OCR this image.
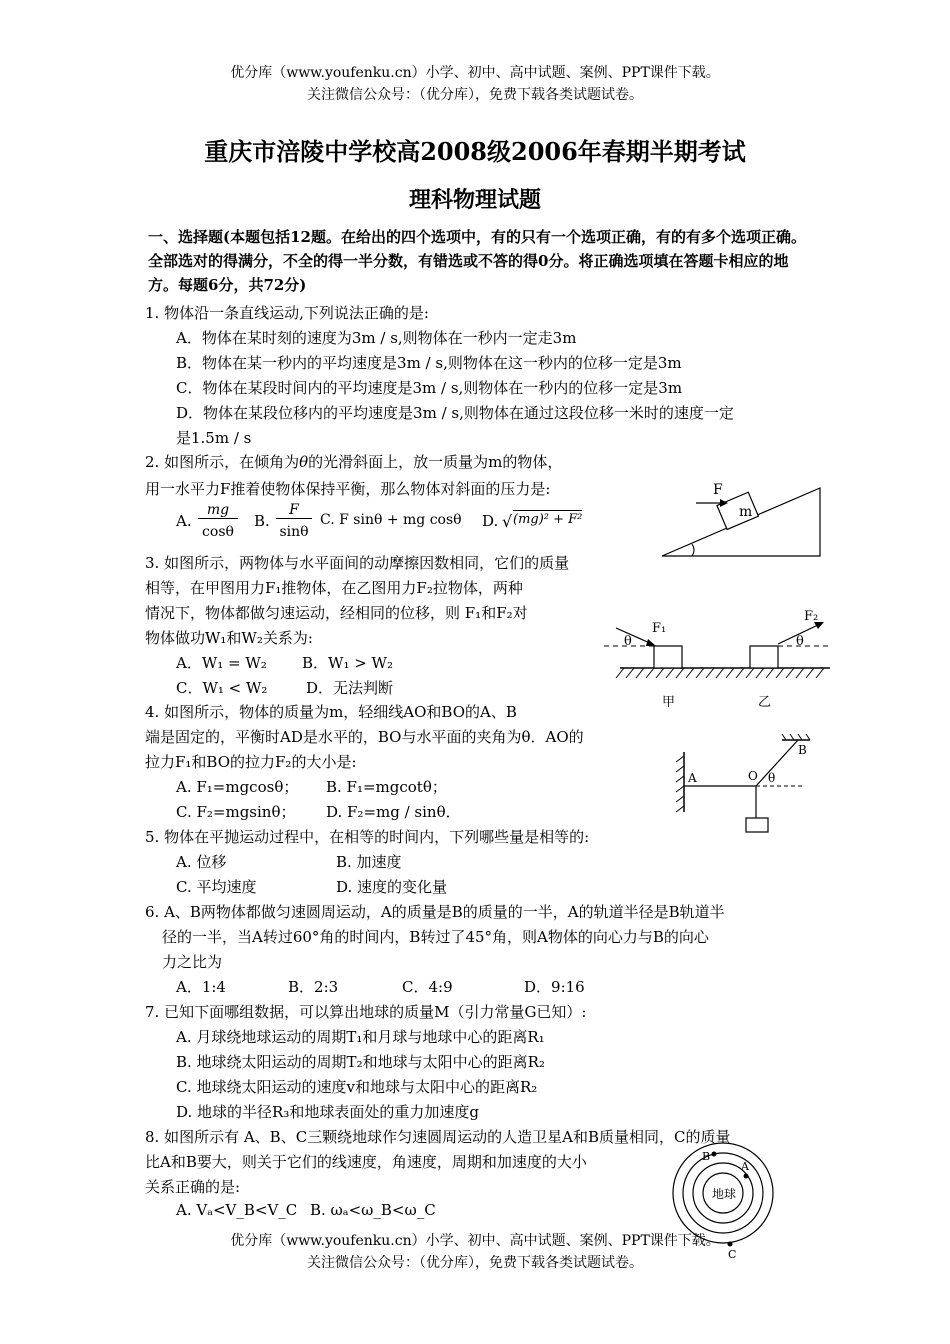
优分库（www.youfenku.cn）小学、初中、高中试题、案例、PPT课件下载。
关注微信公众号：（优分库），免费下载各类试题试卷。
重庆市涪陵中学校高2008级2006年春期半期考试
理科物理试题
一、选择题(本题包括12题。在给出的四个选项中，有的只有一个选项正确，有的有多个选项正确。全部选对的得满分，不全的得一半分数，有错选或不答的得0分。将正确选项填在答题卡相应的地方。每题6分，共72分)
1. 物体沿一条直线运动,下列说法正确的是:
A．物体在某时刻的速度为3m / s,则物体在一秒内一定走3m
B．物体在某一秒内的平均速度是3m / s,则物体在这一秒内的位移一定是3m
C．物体在某段时间内的平均速度是3m / s,则物体在一秒内的位移一定是3m
D．物体在某段位移内的平均速度是3m / s,则物体在通过这段位移一米时的速度一定
是1.5m / s
2. 如图所示，在倾角为θ的光滑斜面上，放一质量为m的物体，
用一水平力F推着使物体保持平衡，那么物体对斜面的压力是:
A.
mg
cosθ
B.
F
sinθ
C. F sinθ + mg cosθ D. √ (mg)² + F²	m
F
3. 如图所示，两物体与水平面间的动摩擦因数相同，它们的质量
相等，在甲图用力F₁推物体，在乙图用力F₂拉物体，两种
情况下，物体都做匀速运动，经相同的位移，则 F₁和F₂对
物体做功W₁和W₂关系为:
A．W₁ = W₂ B．W₁ > W₂
C．W₁ < W₂	D．无法判断
F₁
F₂
θ	θ
甲	乙
4. 如图所示，物体的质量为m，轻细线AO和BO的A、B
端是固定的，平衡时AD是水平的，BO与水平面的夹角为θ．AO的
拉力F₁和BO的拉力F₂的大小是:
A. F₁=mgcosθ； B. F₁=mgcotθ；
C. F₂=mgsinθ； D. F₂=mg / sinθ．
A	O
B
θ
5. 物体在平抛运动过程中，在相等的时间内，下列哪些量是相等的:
A. 位移	B. 加速度
C. 平均速度	D. 速度的变化量
6. A、B两物体都做匀速圆周运动，A的质量是B的质量的一半，A的轨道半径是B轨道半
径的一半，当A转过60°角的时间内，B转过了45°角，则A物体的向心力与B的向心
力之比为
A．1:4	B．2:3	C．4:9	D．9:16
7. 已知下面哪组数据，可以算出地球的质量M（引力常量G已知）:
A. 月球绕地球运动的周期T₁和月球与地球中心的距离R₁
B. 地球绕太阳运动的周期T₂和地球与太阳中心的距离R₂
C. 地球绕太阳运动的速度v和地球与太阳中心的距离R₂
D. 地球的半径R₃和地球表面处的重力加速度g
8. 如图所示有 A、B、C三颗绕地球作匀速圆周运动的人造卫星A和B质量相同，C的质量
比A和B要大，则关于它们的线速度，角速度，周期和加速度的大小
关系正确的是:
A. Vₐ<V_B<V_C B. ωₐ<ω_B<ω_C
地球
A
B
C
优分库（www.youfenku.cn）小学、初中、高中试题、案例、PPT课件下载。
关注微信公众号：（优分库），免费下载各类试题试卷。
